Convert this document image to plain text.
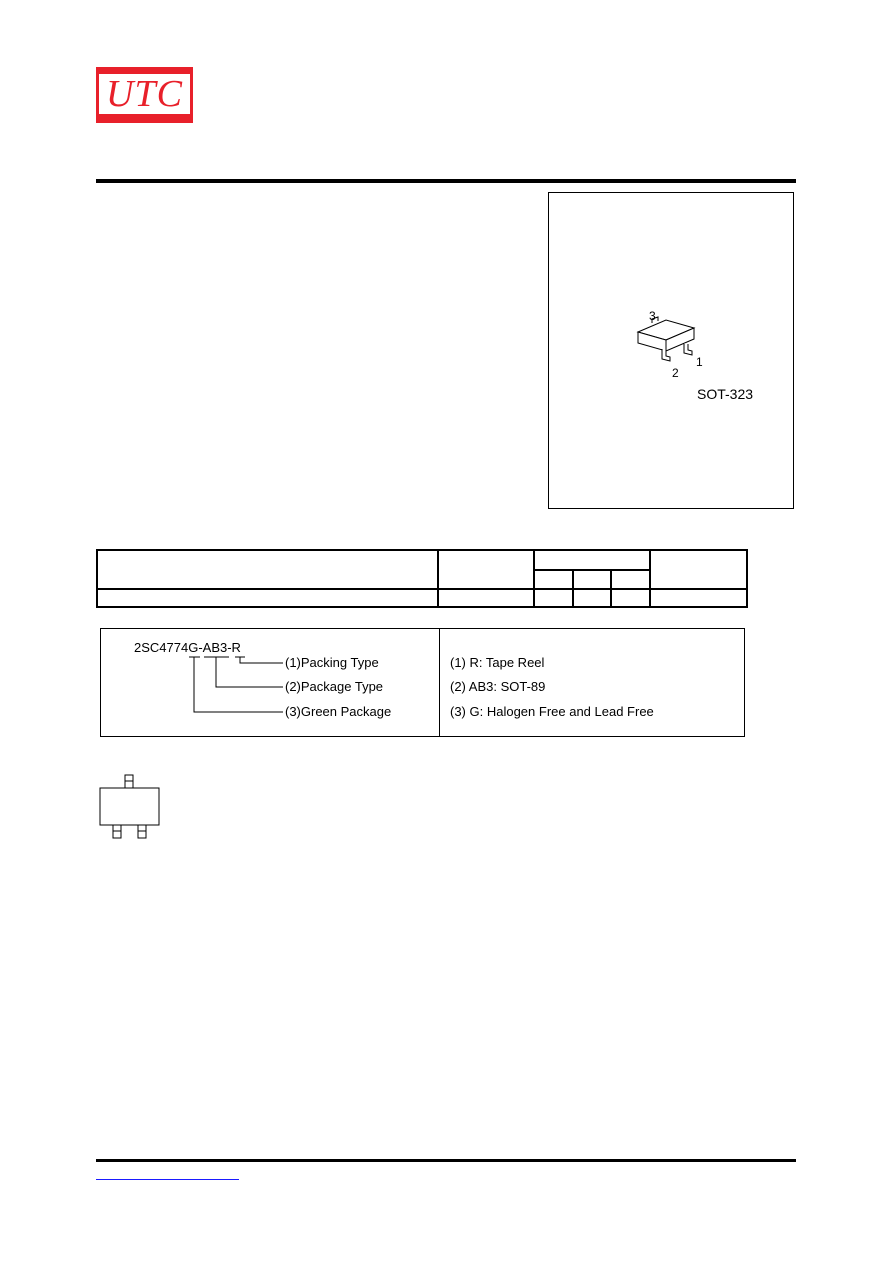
UTC
3
2
1
SOT-323

2SC4774G-AB3-R
(1)Packing Type
(2)Package Type
(3)Green Package
(1) R: Tape Reel
(2) AB3: SOT-89
(3) G: Halogen Free and Lead Free
